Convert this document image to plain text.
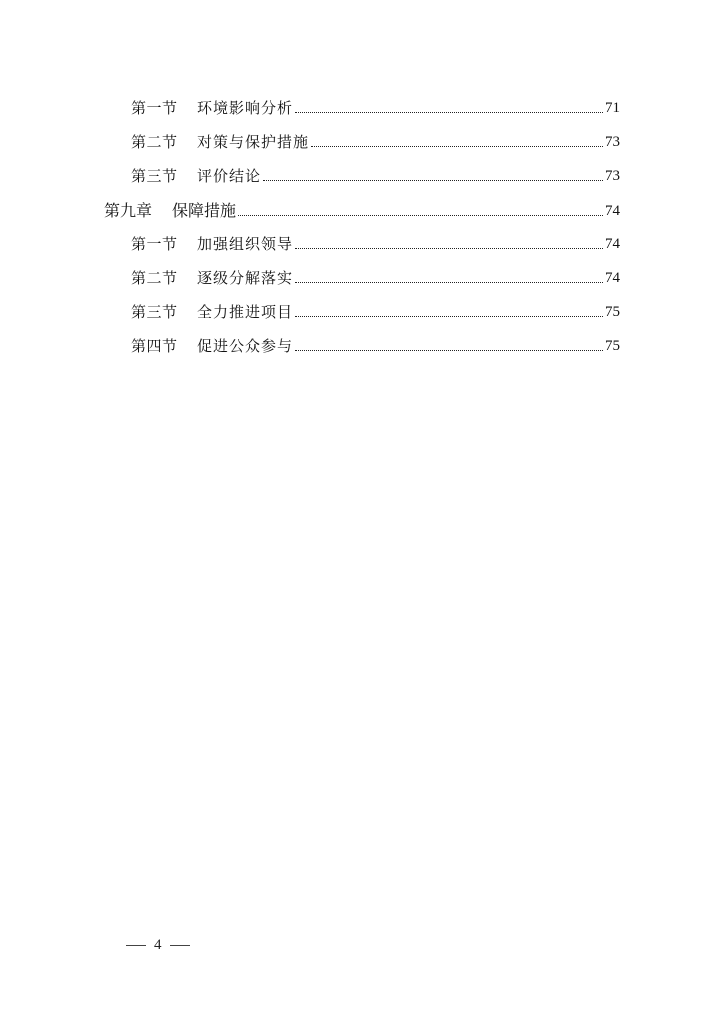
第一节	环境影响分析	71
第二节	对策与保护措施	73
第三节	评价结论	73
第九章	保障措施	74
第一节	加强组织领导	74
第二节	逐级分解落实	74
第三节	全力推进项目	75
第四节	促进公众参与	75
4
